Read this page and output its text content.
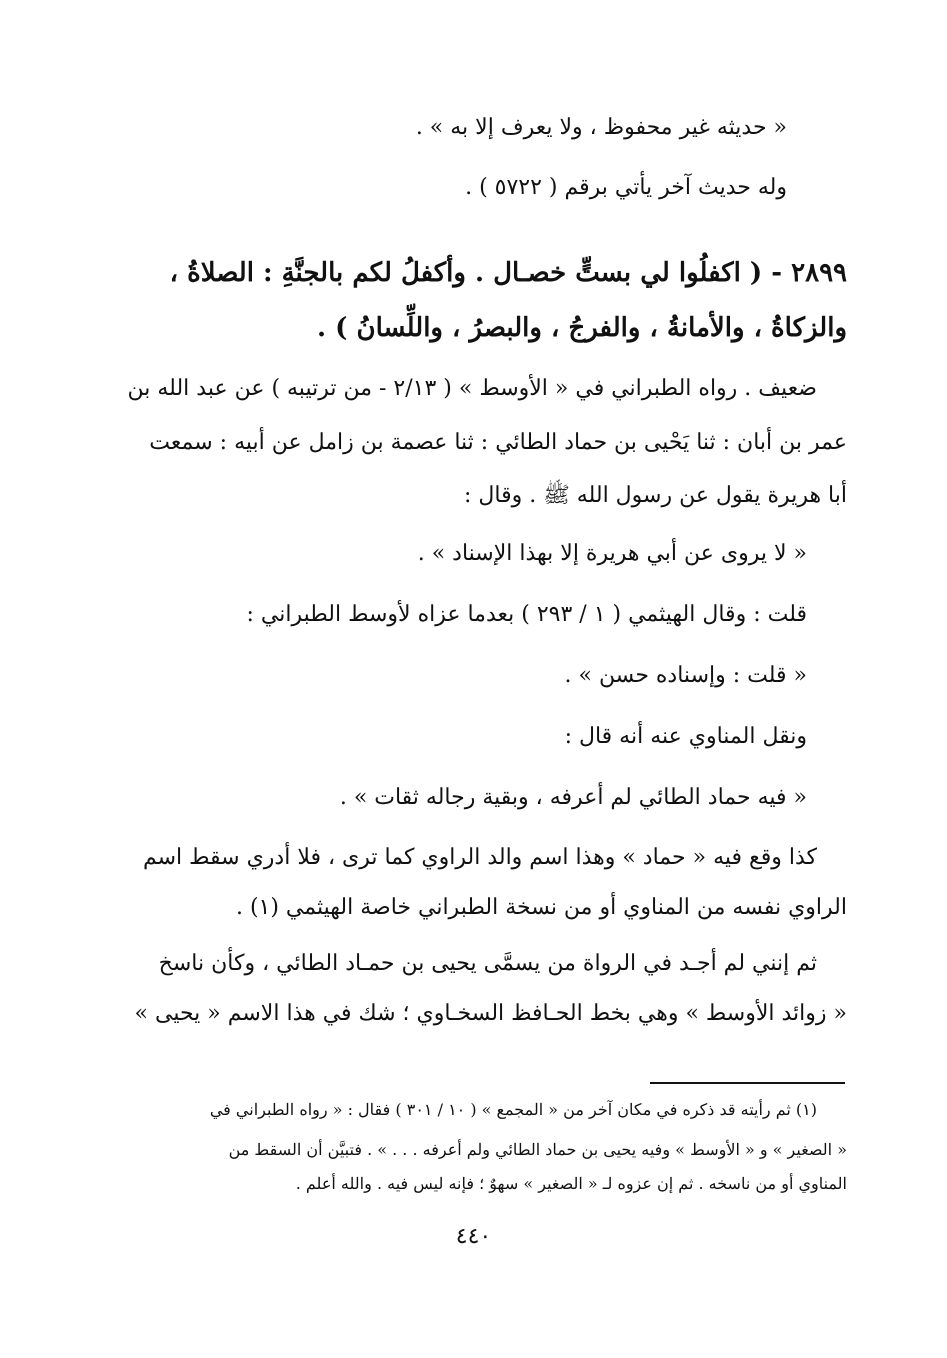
« حديثه غير محفوظ ، ولا يعرف إلا به » .
وله حديث آخر يأتي برقم ( ٥٧٢٢ ) .
٢٨٩٩ - ( اكفلُوا لي بستٍّ خصـال . وأكفلُ لكم بالجنَّةِ : الصلاةُ ،
والزكاةُ ، والأمانةُ ، والفرجُ ، والبصرُ ، واللِّسانُ ) .
ضعيف . رواه الطبراني في « الأوسط » ( ٢/١٣ - من ترتيبه ) عن عبد الله بن
عمر بن أبان : ثنا يَحْيى بن حماد الطائي : ثنا عصمة بن زامل عن أبيه : سمعت
أبا هريرة يقول عن رسول الله ﷺ . وقال :
« لا يروى عن أبي هريرة إلا بهذا الإسناد » .
قلت : وقال الهيثمي ( ١ / ٢٩٣ ) بعدما عزاه لأوسط الطبراني :
« قلت : وإسناده حسن » .
ونقل المناوي عنه أنه قال :
« فيه حماد الطائي لم أعرفه ، وبقية رجاله ثقات » .
كذا وقع فيه « حماد » وهذا اسم والد الراوي كما ترى ، فلا أدري سقط اسم
الراوي نفسه من المناوي أو من نسخة الطبراني خاصة الهيثمي (١) .
ثم إنني لم أجـد في الرواة من يسمَّى يحيى بن حمـاد الطائي ، وكأن ناسخ
« زوائد الأوسط » وهي بخط الحـافظ السخـاوي ؛ شك في هذا الاسم « يحيى »
(١) ثم رأيته قد ذكره في مكان آخر من « المجمع » ( ١٠ / ٣٠١ ) فقال : « رواه الطبراني في
« الصغير » و « الأوسط » وفيه يحيى بن حماد الطائي ولم أعرفه . . . » . فتبيَّن أن السقط من
المناوي أو من ناسخه . ثم إن عزوه لـ « الصغير » سهوٌ ؛ فإنه ليس فيه . والله أعلم .
٤٤٠
